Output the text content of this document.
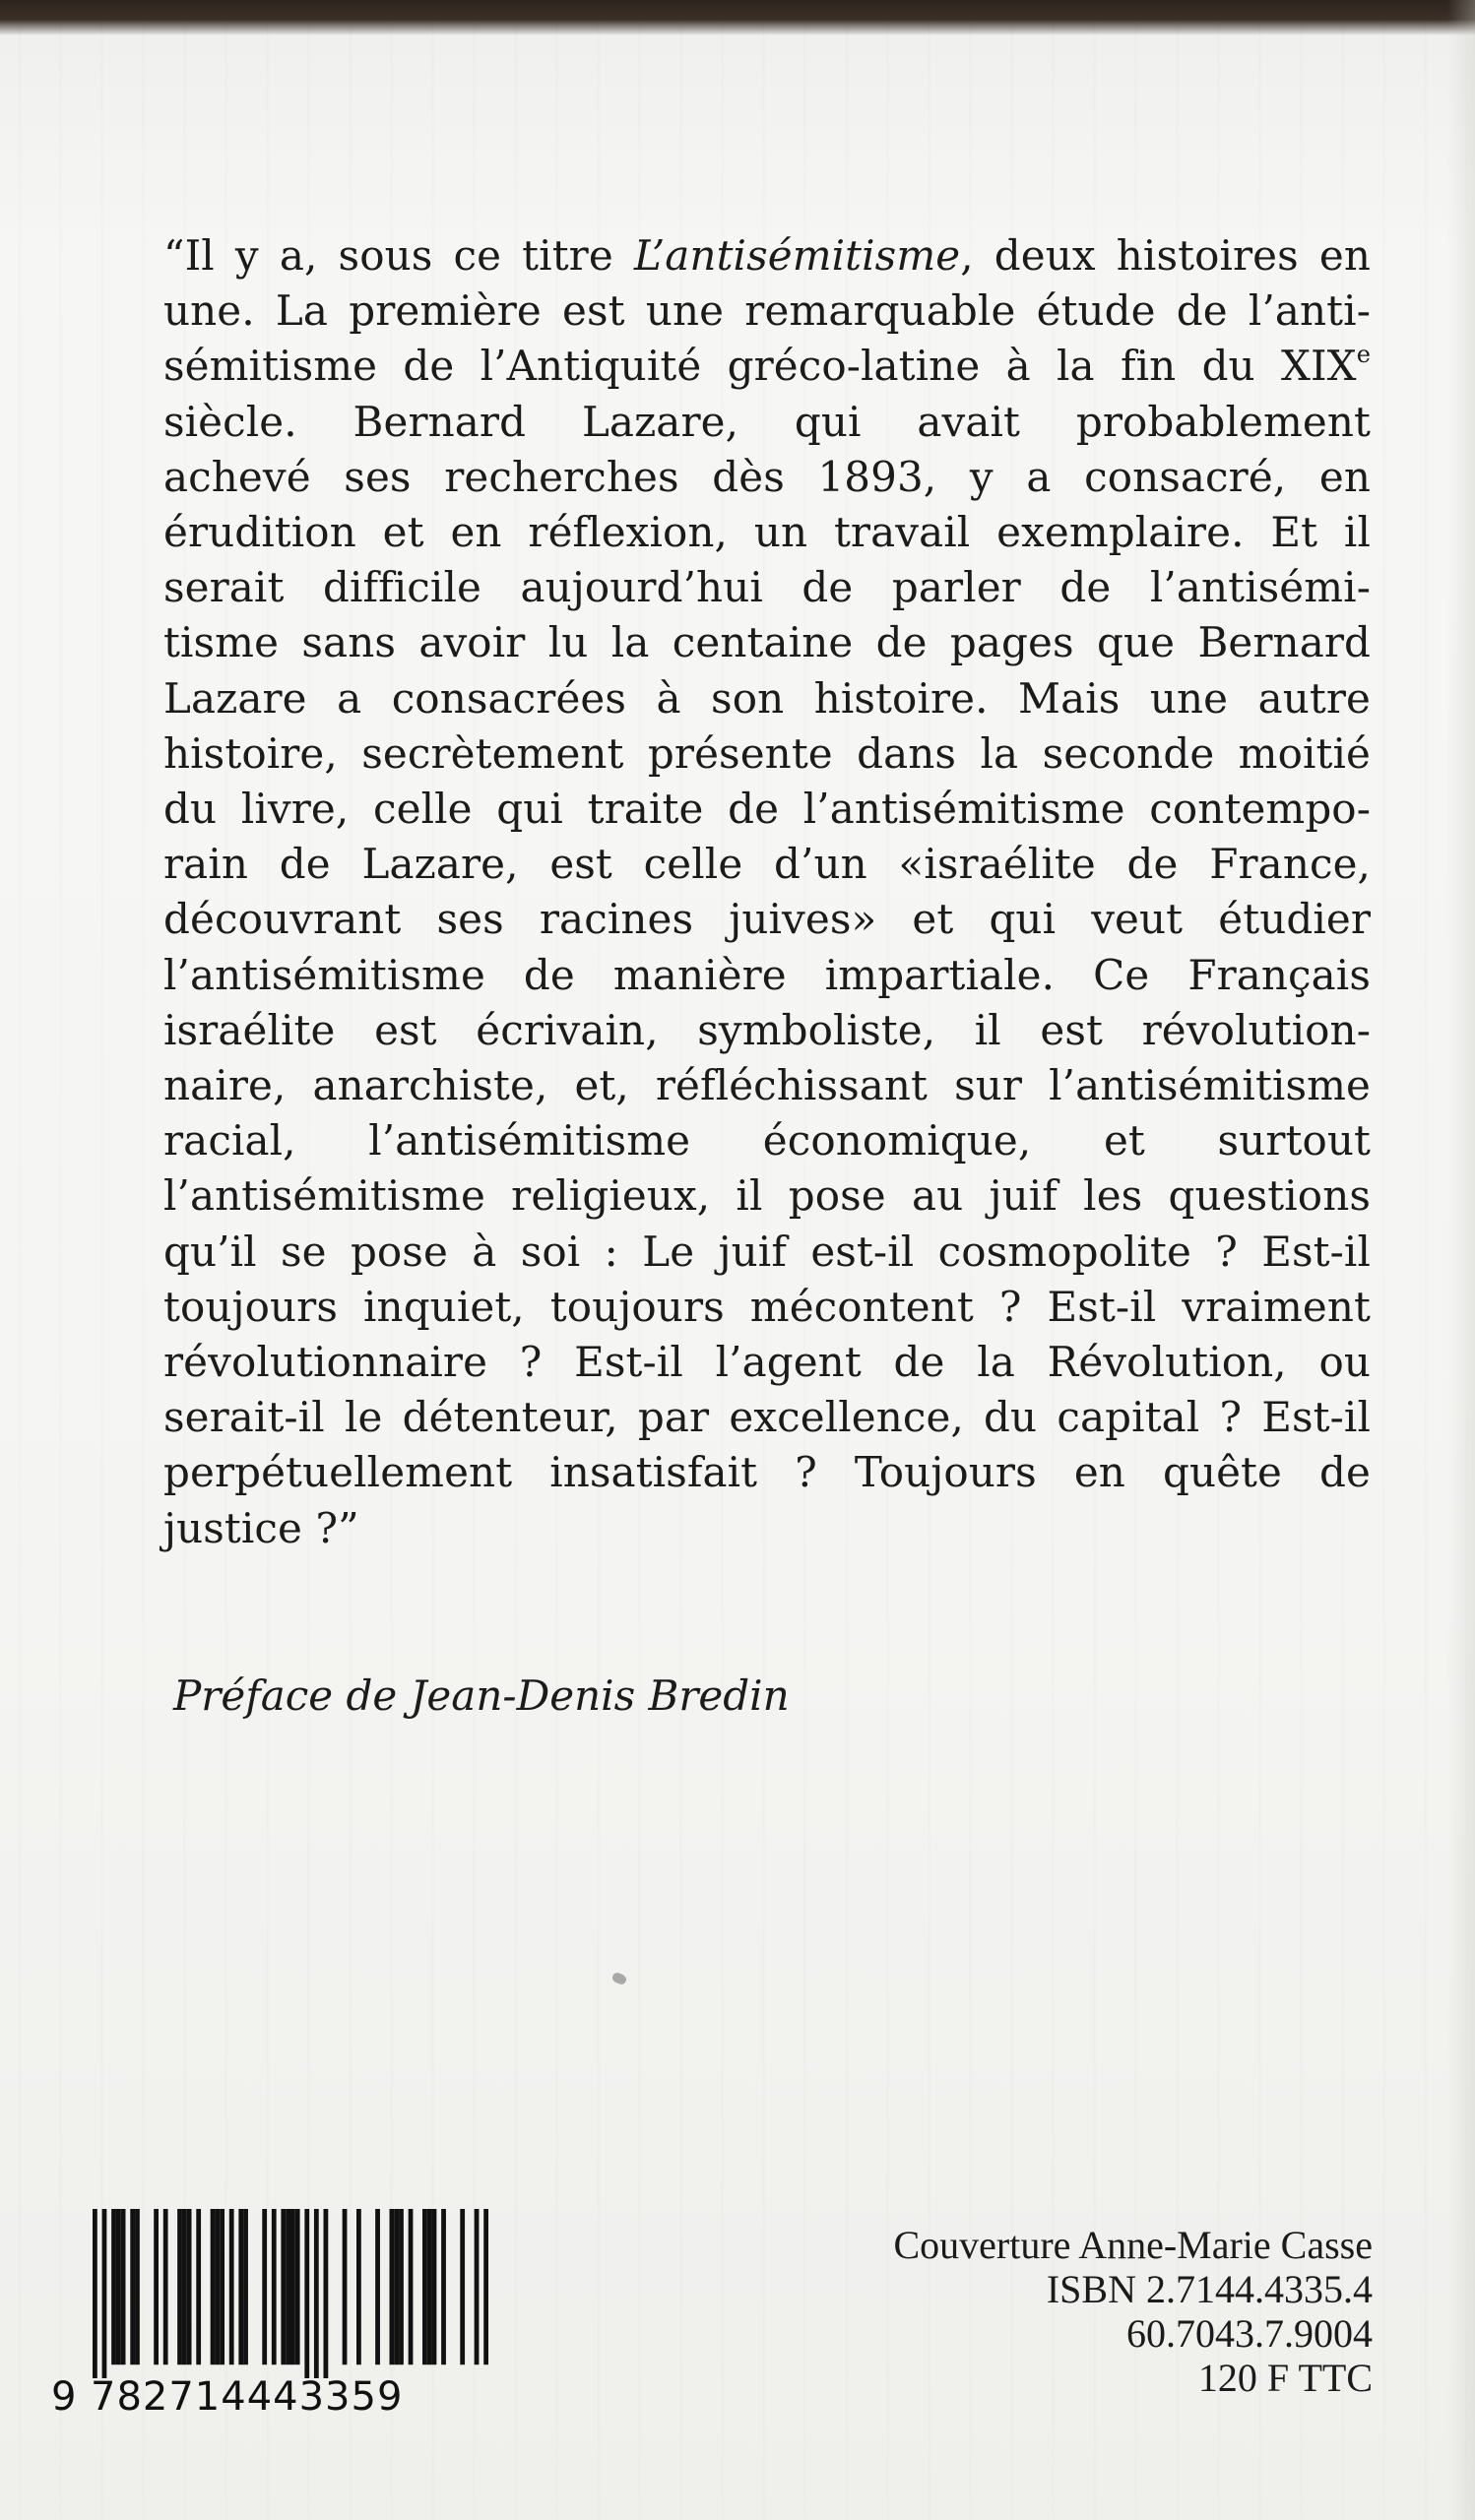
“Il y a, sous ce titre L’antisémitisme, deux histoires en
une. La première est une remarquable étude de l’anti-
sémitisme de l’Antiquité gréco-latine à la fin du XIXe
siècle. Bernard Lazare, qui avait probablement
achevé ses recherches dès 1893, y a consacré, en
érudition et en réflexion, un travail exemplaire. Et il
serait difficile aujourd’hui de parler de l’antisémi-
tisme sans avoir lu la centaine de pages que Bernard
Lazare a consacrées à son histoire. Mais une autre
histoire, secrètement présente dans la seconde moitié
du livre, celle qui traite de l’antisémitisme contempo-
rain de Lazare, est celle d’un «israélite de France,
découvrant ses racines juives» et qui veut étudier
l’antisémitisme de manière impartiale. Ce Français
israélite est écrivain, symboliste, il est révolution-
naire, anarchiste, et, réfléchissant sur l’antisémitisme
racial, l’antisémitisme économique, et surtout
l’antisémitisme religieux, il pose au juif les questions
qu’il se pose à soi : Le juif est-il cosmopolite ? Est-il
toujours inquiet, toujours mécontent ? Est-il vraiment
révolutionnaire ? Est-il l’agent de la Révolution, ou
serait-il le détenteur, par excellence, du capital ? Est-il
perpétuellement insatisfait ? Toujours en quête de
justice ?”

Préface de Jean-Denis Bredin

9 782714443359
Couverture Anne-Marie Casse
ISBN 2.7144.4335.4
60.7043.7.9004
120 F TTC
